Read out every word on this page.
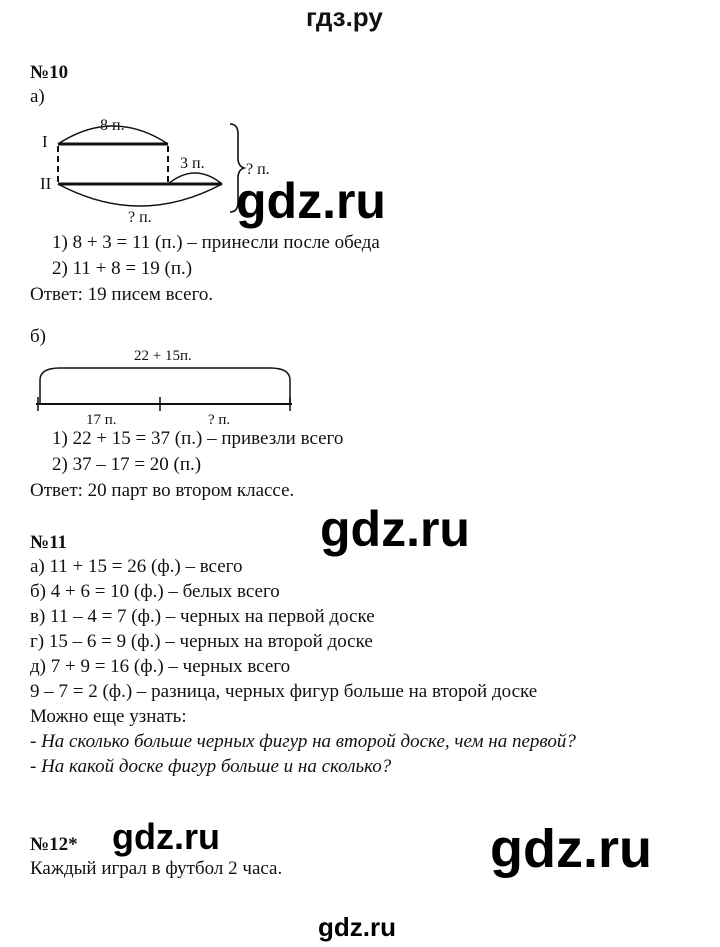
гдз.ру
№10
а)
I
II
8 п.
3 п.
? п.
? п.
gdz.ru
1) 8 + 3 = 11 (п.) – принесли после обеда
2) 11 + 8 = 19 (п.)
Ответ: 19 писем всего.
б)
22 + 15п.
17 п.	? п.
1) 22 + 15 = 37 (п.) – привезли всего
2) 37 – 17 = 20 (п.)
Ответ: 20 парт во втором классе.
gdz.ru
№11
а) 11 + 15 = 26 (ф.) – всего
б) 4 + 6 = 10 (ф.) – белых всего
в) 11 – 4 = 7 (ф.) – черных на первой доске
г) 15 – 6 = 9 (ф.) – черных на второй доске
д) 7 + 9 = 16 (ф.) – черных всего
9 – 7 = 2 (ф.) – разница, черных фигур больше на второй доске
Можно еще узнать:
- На сколько больше черных фигур на второй доске, чем на первой?
- На какой доске фигур больше и на сколько?
gdz.ru	gdz.ru
№12*
Каждый играл в футбол 2 часа.
gdz.ru
